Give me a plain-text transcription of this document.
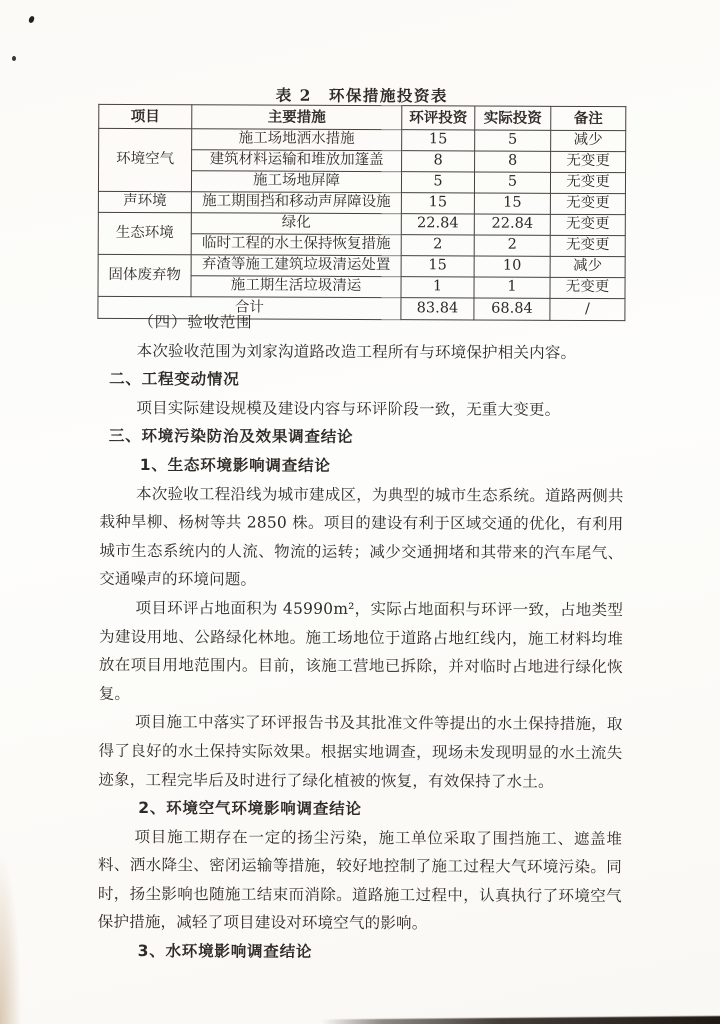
表 2　环保措施投资表
项目	主要措施	环评投资	实际投资	备注
环境空气	施工场地洒水措施	15	5	减少
	建筑材料运输和堆放加篷盖	8	8	无变更
	施工场地屏障	5	5	无变更
声环境	施工期围挡和移动声屏障设施	15	15	无变更
生态环境	绿化	22.84	22.84	无变更
	临时工程的水土保持恢复措施	2	2	无变更
固体废弃物	弃渣等施工建筑垃圾清运处置	15	10	减少
	施工期生活垃圾清运	1	1	无变更
合计		83.84	68.84	/
（四）验收范围

本次验收范围为刘家沟道路改造工程所有与环境保护相关内容。

二、工程变动情况

项目实际建设规模及建设内容与环评阶段一致，无重大变更。

三、环境污染防治及效果调查结论
1、生态环境影响调查结论

本次验收工程沿线为城市建成区，为典型的城市生态系统。道路两侧共栽种旱柳、杨树等共 2850 株。项目的建设有利于区域交通的优化，有利用城市生态系统内的人流、物流的运转；减少交通拥堵和其带来的汽车尾气、交通噪声的环境问题。

项目环评占地面积为 45990m²，实际占地面积与环评一致，占地类型为建设用地、公路绿化林地。施工场地位于道路占地红线内，施工材料均堆放在项目用地范围内。目前，该施工营地已拆除，并对临时占地进行绿化恢复。

项目施工中落实了环评报告书及其批准文件等提出的水土保持措施，取得了良好的水土保持实际效果。根据实地调查，现场未发现明显的水土流失迹象，工程完毕后及时进行了绿化植被的恢复，有效保持了水土。

2、环境空气环境影响调查结论

项目施工期存在一定的扬尘污染，施工单位采取了围挡施工、遮盖堆料、洒水降尘、密闭运输等措施，较好地控制了施工过程大气环境污染。同时，扬尘影响也随施工结束而消除。道路施工过程中，认真执行了环境空气保护措施，减轻了项目建设对环境空气的影响。

3、水环境影响调查结论
